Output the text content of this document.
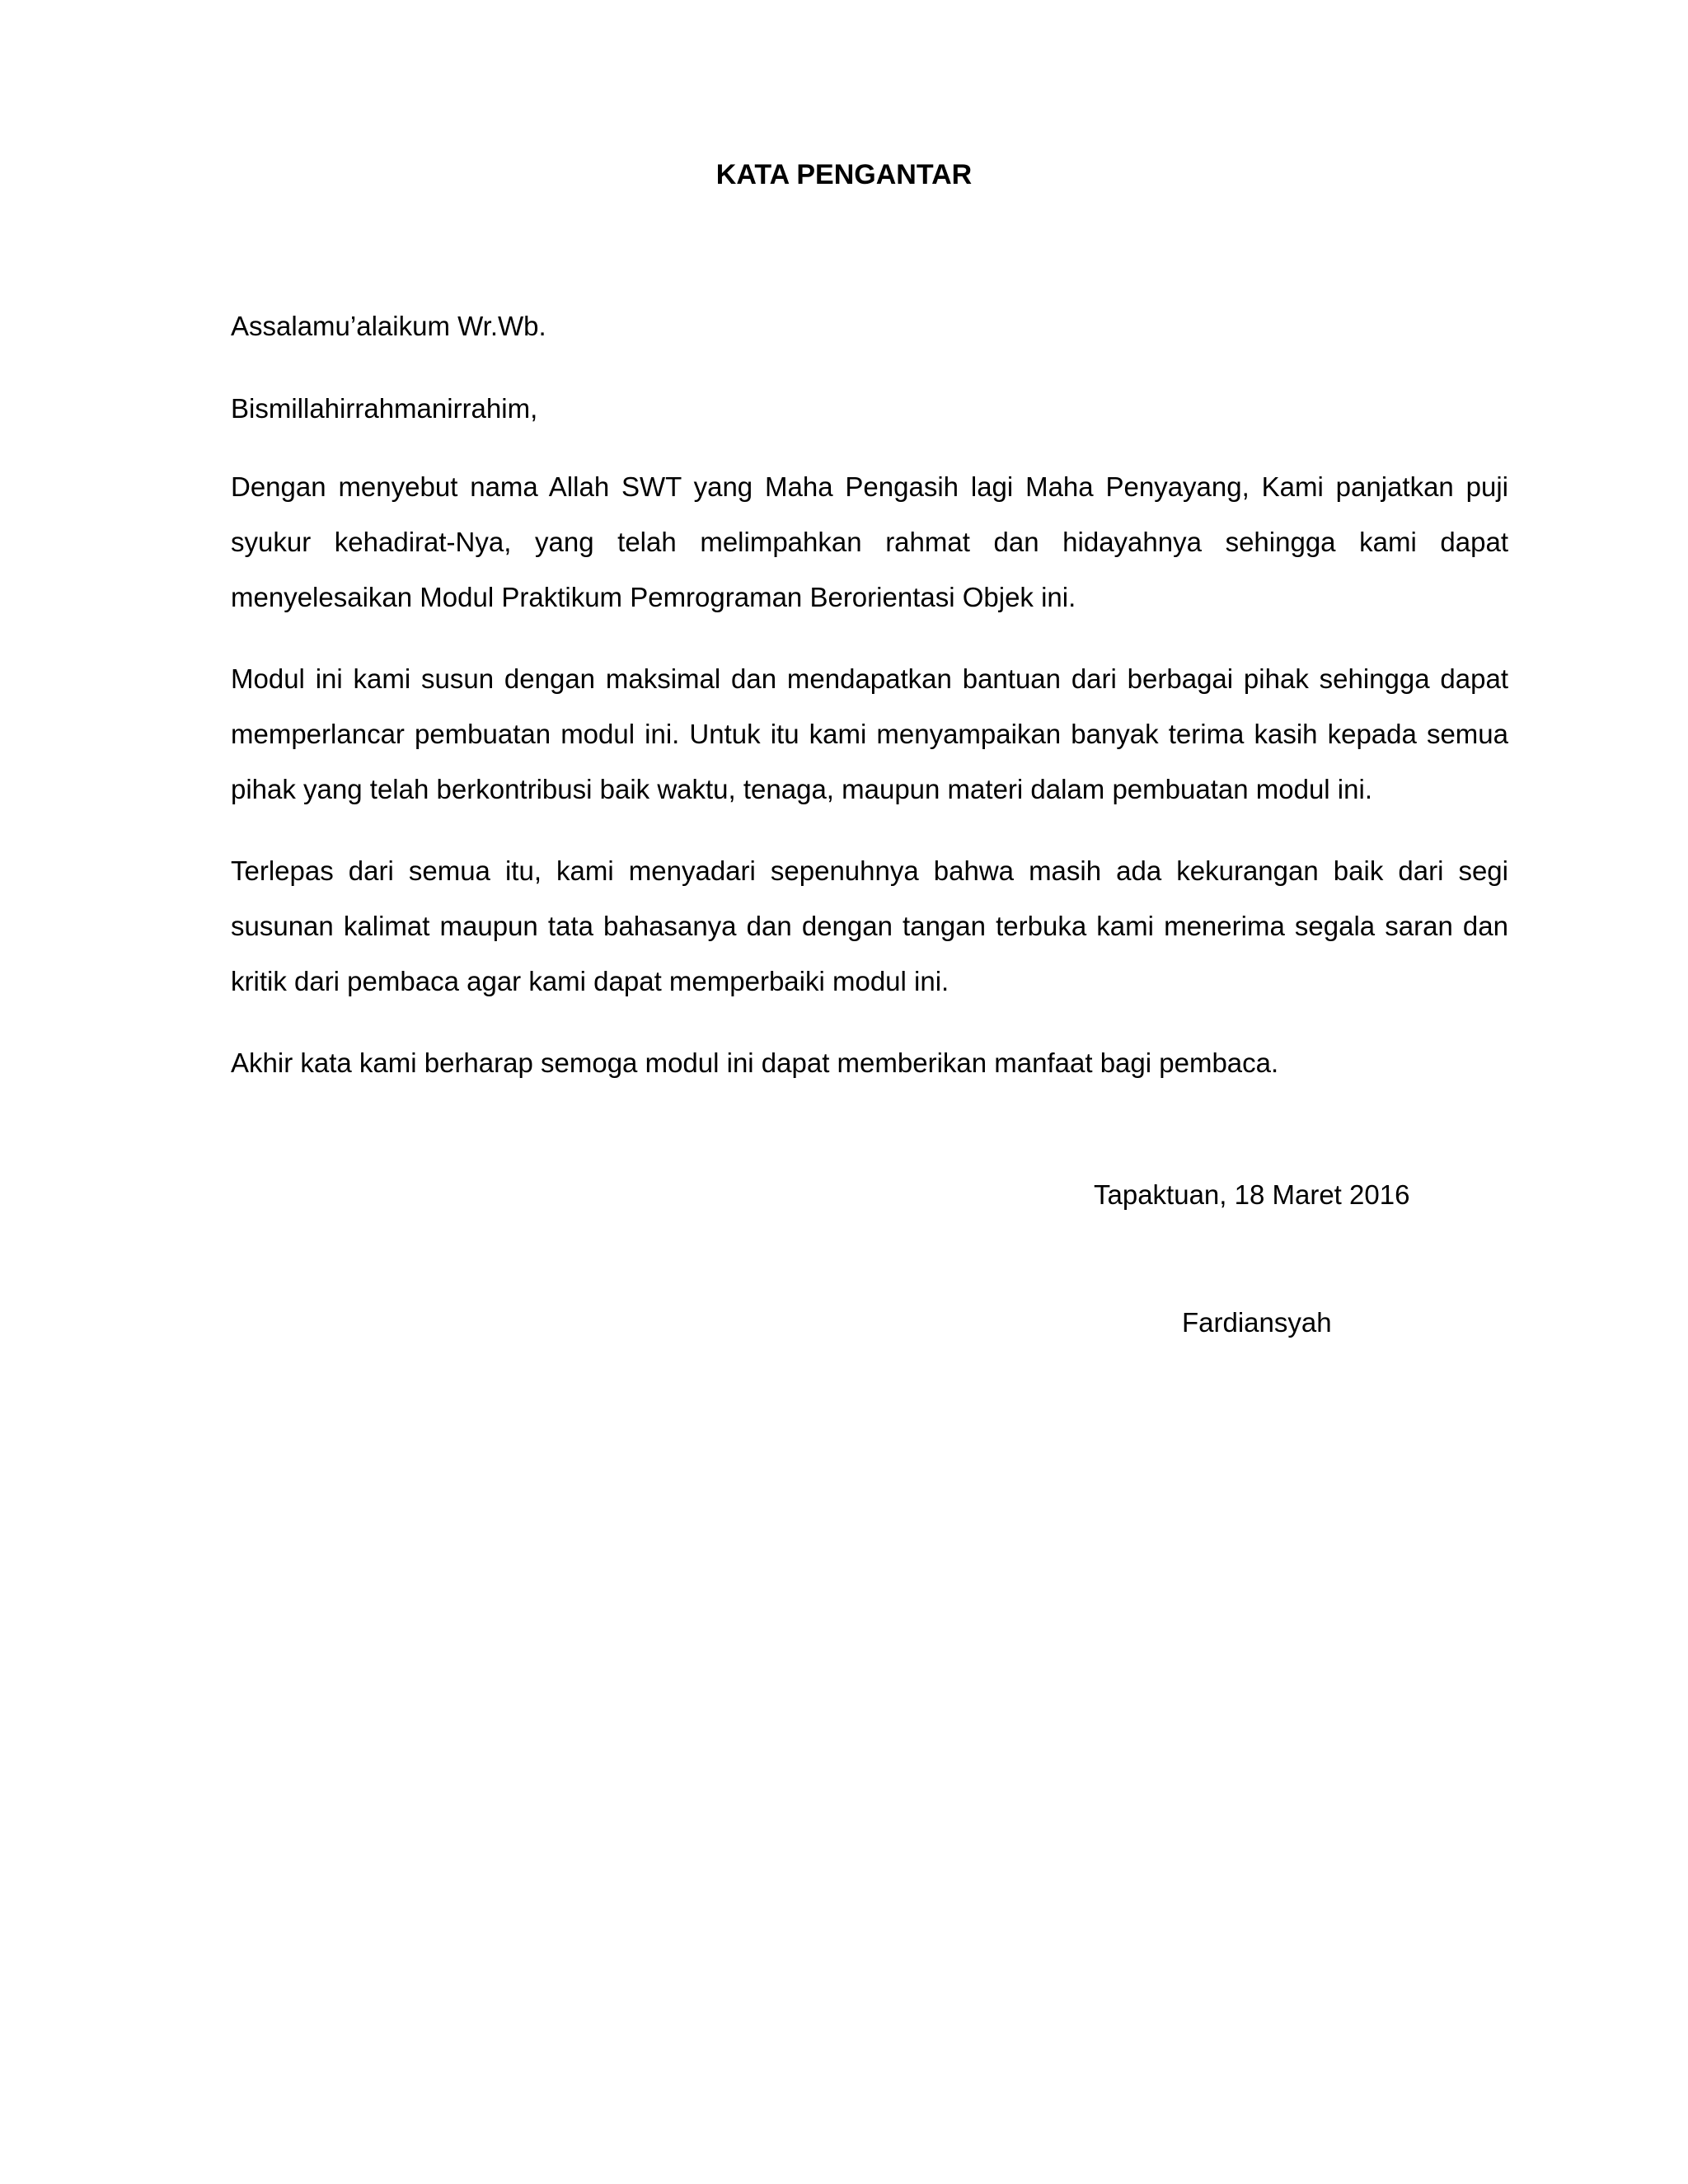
KATA PENGANTAR

Assalamu’alaikum Wr.Wb.

Bismillahirrahmanirrahim,

Dengan menyebut nama Allah SWT yang Maha Pengasih lagi Maha Penyayang, Kami panjatkan puji syukur kehadirat-Nya, yang telah melimpahkan rahmat dan hidayahnya sehingga kami dapat menyelesaikan Modul Praktikum Pemrograman Berorientasi Objek ini.

Modul ini kami susun dengan maksimal dan mendapatkan bantuan dari berbagai pihak sehingga dapat memperlancar pembuatan modul ini. Untuk itu kami menyampaikan banyak terima kasih kepada semua pihak yang telah berkontribusi baik waktu, tenaga, maupun materi dalam pembuatan modul ini.

Terlepas dari semua itu, kami menyadari sepenuhnya bahwa masih ada kekurangan baik dari segi susunan kalimat maupun tata bahasanya dan dengan tangan terbuka kami menerima segala saran dan kritik dari pembaca agar kami dapat memperbaiki modul ini.

Akhir kata kami berharap semoga modul ini dapat memberikan manfaat bagi pembaca.

Tapaktuan, 18 Maret 2016

Fardiansyah
